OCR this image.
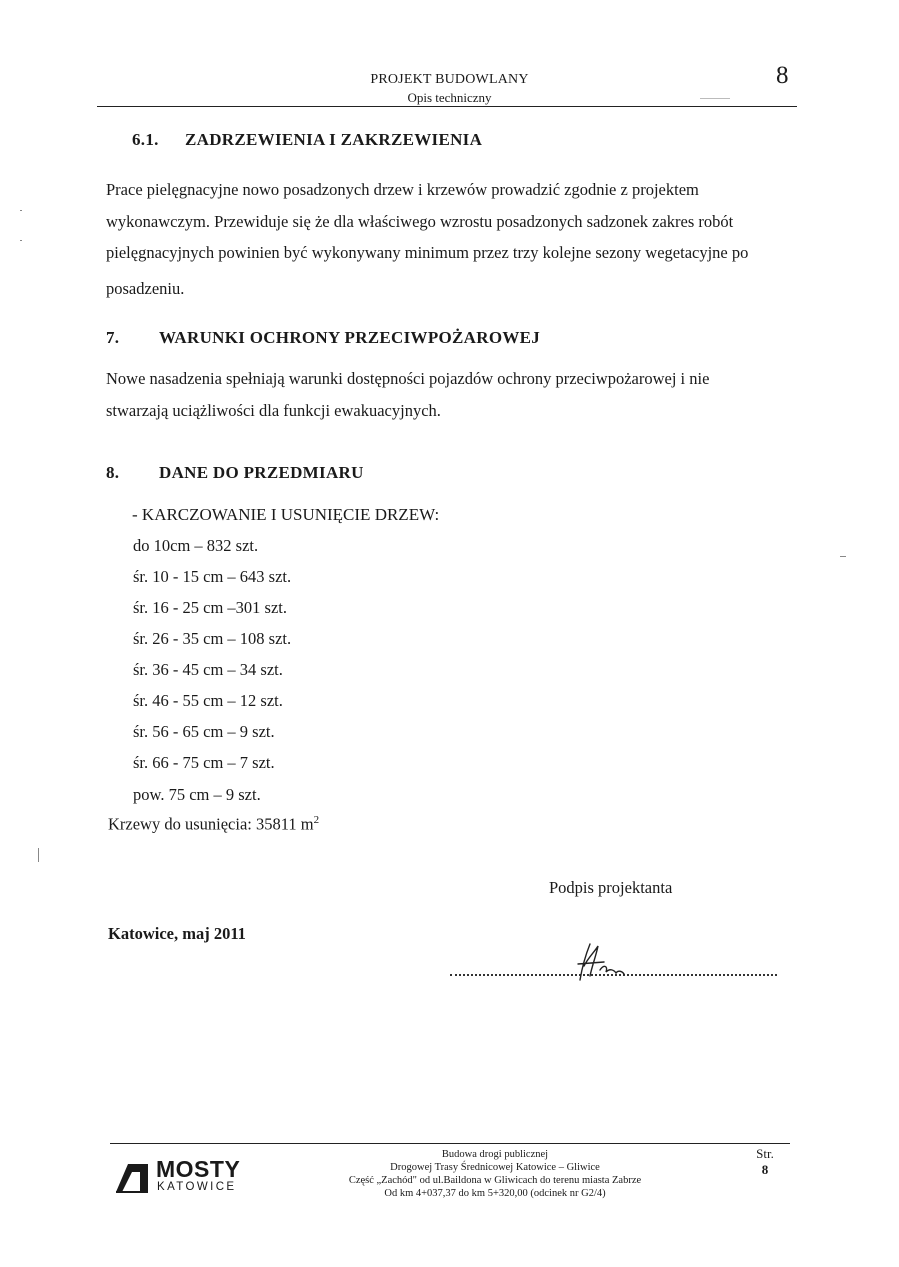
PROJEKT BUDOWLANY
Opis techniczny
8
6.1. ZADRZEWIENIA I ZAKRZEWIENIA
Prace pielęgnacyjne nowo posadzonych drzew i krzewów prowadzić zgodnie z projektem
wykonawczym. Przewiduje się że dla właściwego wzrostu posadzonych sadzonek zakres robót
pielęgnacyjnych powinien być wykonywany minimum przez trzy kolejne sezony wegetacyjne po
posadzeniu.
7. WARUNKI OCHRONY PRZECIWPOŻAROWEJ
Nowe nasadzenia spełniają warunki dostępności pojazdów ochrony przeciwpożarowej i nie
stwarzają uciążliwości dla funkcji ewakuacyjnych.
8. DANE DO PRZEDMIARU
- KARCZOWANIE I USUNIĘCIE DRZEW:
do 10cm – 832 szt.
śr. 10 - 15 cm – 643 szt.
śr. 16 - 25 cm –301 szt.
śr. 26 - 35 cm – 108 szt.
śr. 36 - 45 cm – 34 szt.
śr. 46 - 55 cm – 12 szt.
śr. 56 - 65 cm – 9 szt.
śr. 66 - 75 cm – 7 szt.
pow. 75 cm – 9 szt.
Krzewy do usunięcia: 35811 $m^2$
Podpis projektanta
Katowice, maj 2011
MOSTY
KATOWICE
Budowa drogi publicznej
Drogowej Trasy Średnicowej Katowice – Gliwice
Część „Zachód" od ul.Baildona w Gliwicach do terenu miasta Zabrze
Od km 4+037,37 do km 5+320,00 (odcinek nr G2/4)
Str.
8
